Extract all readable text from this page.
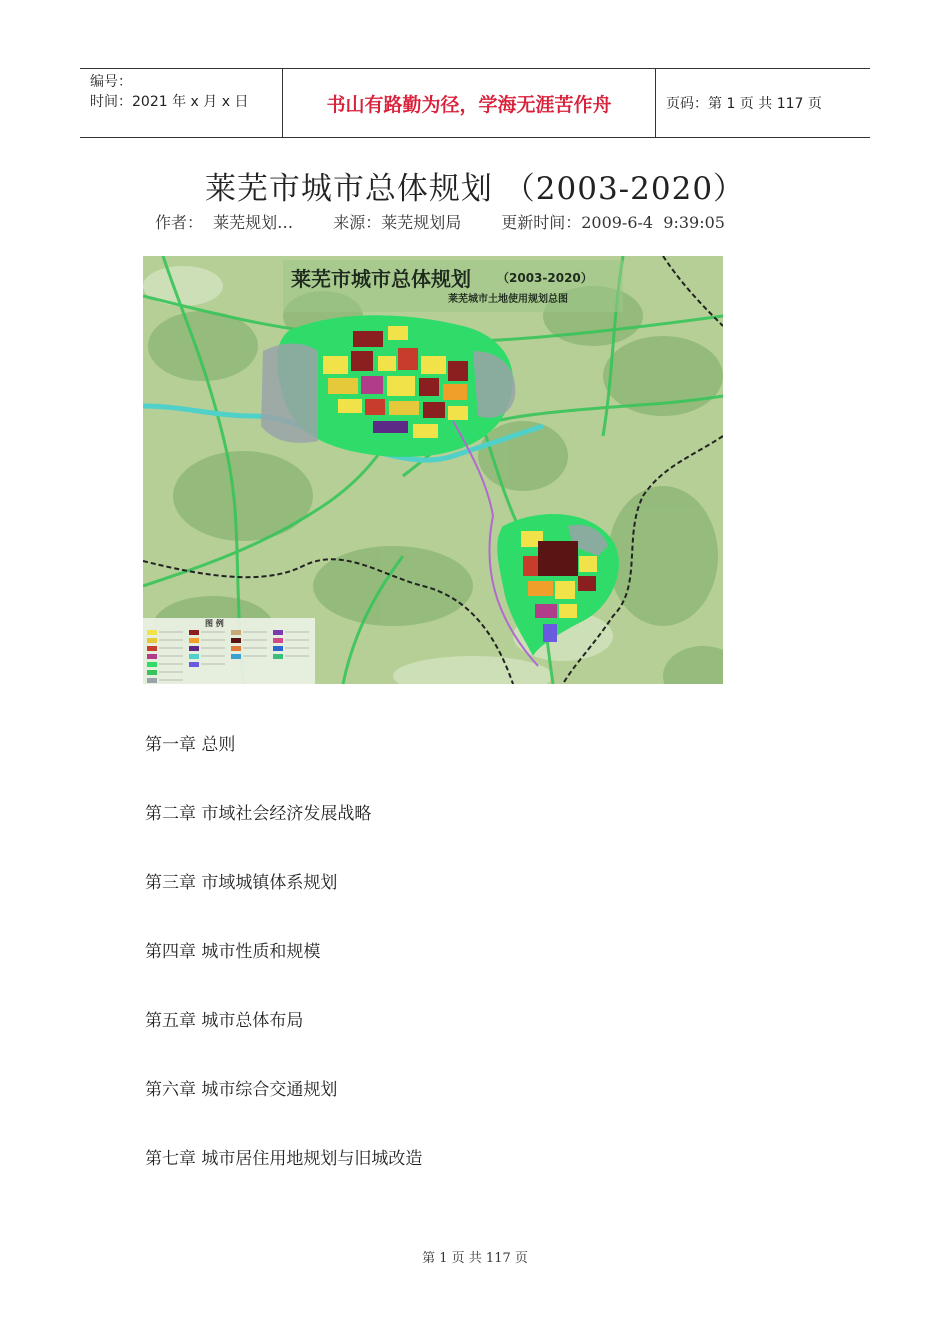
编号：
时间：2021 年 x 月 x 日	书山有路勤为径，学海无涯苦作舟	页码：第 1 页 共 117 页
莱芜市城市总体规划 （2003-2020）
作者：  莱芜规划…	来源：莱芜规划局	更新时间：2009-6-4  9:39:05
莱芜市城市总体规划 （2003-2020）
莱芜城市土地使用规划总图
图 例
第一章 总则
第二章 市域社会经济发展战略
第三章 市域城镇体系规划
第四章 城市性质和规模
第五章 城市总体布局
第六章 城市综合交通规划
第七章 城市居住用地规划与旧城改造
第 1 页 共 117 页
